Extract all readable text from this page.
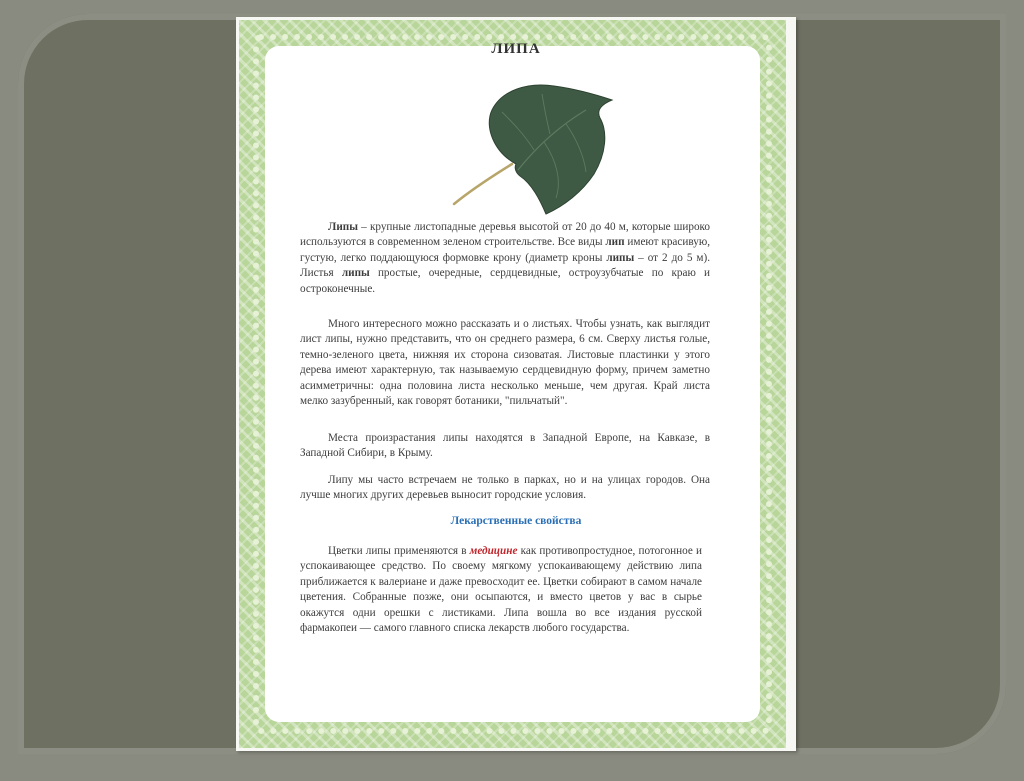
ЛИПА
Липы – крупные листопадные деревья высотой от 20 до 40 м, которые широко используются в современном зеленом строительстве. Все виды лип имеют красивую, густую, легко поддающуюся формовке крону (диаметр кроны липы – от 2 до 5 м). Листья липы простые, очередные, сердцевидные, остроузубчатые по краю и остроконечные.
Много интересного можно рассказать и о листьях. Чтобы узнать, как выглядит лист липы, нужно представить, что он среднего размера, 6 см. Сверху листья голые, темно-зеленого цвета, нижняя их сторона сизоватая. Листовые пластинки у этого дерева имеют характерную, так называемую сердцевидную форму, причем заметно асимметричны: одна половина листа несколько меньше, чем другая. Край листа мелко зазубренный, как говорят ботаники, "пильчатый".
Места произрастания липы находятся в Западной Европе, на Кавказе, в Западной Сибири, в Крыму.
Липу мы часто встречаем не только в парках, но и на улицах городов. Она лучше многих других деревьев выносит городские условия.
Лекарственные свойства
Цветки липы применяются в медицине как противопростудное, потогонное и успокаивающее средство. По своему мягкому успокаивающему действию липа приближается к валериане и даже превосходит ее. Цветки собирают в самом начале цветения. Собранные позже, они осыпаются, и вместо цветов у вас в сырье окажутся одни орешки с листиками. Липа вошла во все издания русской фармакопеи — самого главного списка лекарств любого государства.
